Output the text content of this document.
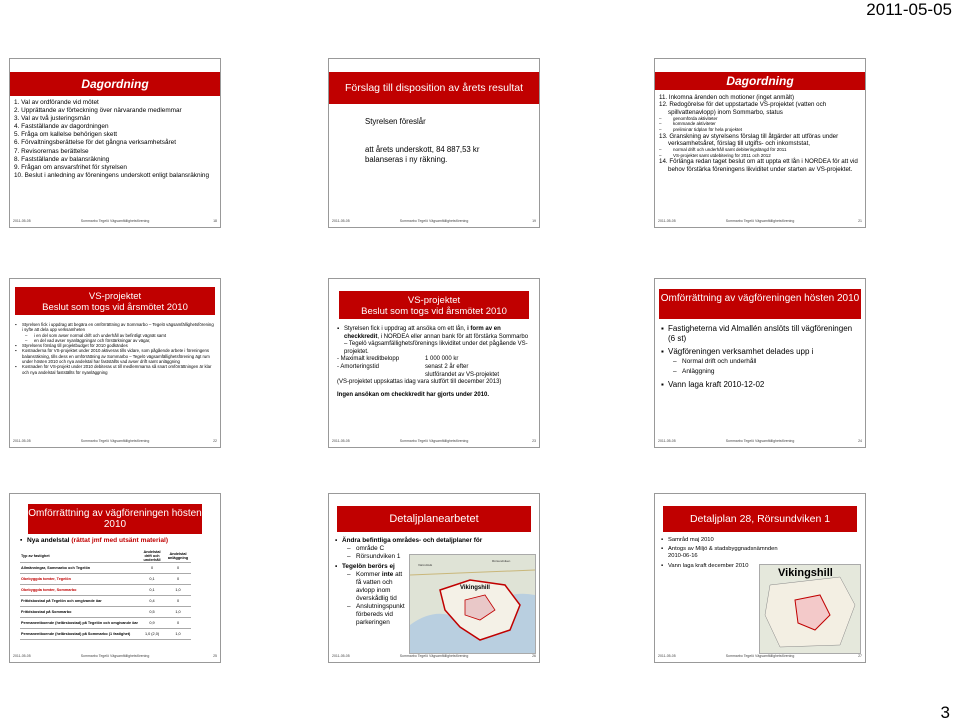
2011-05-05
Dagordning
1. Val av ordförande vid mötet
2. Upprättande av förteckning över närvarande medlemmar
3. Val av två justeringsmän
4. Fastställande av dagordningen
5. Fråga om kallelse behörigen skett
6. Förvaltningsberättelse för det gångna verksamhetsåret
7. Revisorernas berättelse
8. Fastställande av balansräkning
9. Frågan om ansvarsfrihet för styrelsen
10. Beslut i anledning av föreningens underskott enligt balansräkning
2011-05-05	Sommarbo Tegelö Vägsamfällighetsförening	18
Förslag till disposition av årets resultat
Styrelsen föreslår
att årets underskott, 84 887,53 kr balanseras i ny räkning.
2011-05-05	Sommarbo Tegelö Vägsamfällighetsförening	19
Dagordning
11. Inkomna ärenden och motioner (inget anmält)
12. Redogörelse för det uppstartade VS-projektet (vatten och spillvattenavlopp) inom Sommarbo, status
– genomförda aktiviteter
– kommande aktiviteter
– preliminär tidplan för hela projektet
13. Granskning av styrelsens förslag till åtgärder att utföras under verksamhetsåret, förslag till utgifts- och inkomststat,
– normal drift och underhåll samt debiteringslängd för 2011
– VS-projektet samt utdebitering för 2011 och 2012
14. Förlänga redan taget beslut om att uppta ett lån i NORDEA för att vid behov förstärka föreningens likviditet under starten av VS-projektet.
2011-05-05	Sommarbo Tegelö Vägsamfällighetsförening	21
VS-projektet
Beslut som togs vid årsmötet 2010
▪ Styrelsen fick i uppdrag att begära en omförrättning av Sommarbo – Tegelö vägsamfällighetsförening i syfte att dela upp verksamheten
– i en del som avser normal drift och underhåll av befintligt vägnät samt
– en del vad avser nyanläggningar och förstärkningar av vägar,
▪ Styrelsens förslag till projektbudget för 2010 godkändes
▪ Kostnaderna för VS-projektet under 2010 aktiveras tills vidare, som pågående arbete i föreningens balansräkning, tills dess en omförrättning av Sommarbo – Tegelö vägsamfällighetsförening ägt rum under hösten 2010 och nya andelstal har fastställts vad avser drift samt anläggning
▪ Kostnaden för VS-projekt under 2010 debiteras ut till medlemmarna så snart omförrättningen är klar och nya andelstal fastställts för nyanläggning
2011-05-05	Sommarbo Tegelö Vägsamfällighetsförening	22
VS-projektet
Beslut som togs vid årsmötet 2010
▪ Styrelsen fick i uppdrag att ansöka om ett lån, i form av en checkkredit, i NORDEA eller annan bank för att förstärka Sommarbo – Tegelö vägsamfällighetsförenings likviditet under det pågående VS-projektet.
- Maximalt kreditbelopp	1 000 000 kr
- Amorteringstid	senast 2 år efter slutförandet av VS-projektet
(VS-projektet uppskattas idag vara slutfört till december 2013)
Ingen ansökan om checkkredit har gjorts under 2010.
2011-05-05	Sommarbo Tegelö Vägsamfällighetsförening	23
Omförrättning av vägföreningen hösten 2010
▪ Fastigheterna vid Almallén anslöts till vägföreningen (6 st)
▪ Vägföreningen verksamhet delades upp i
– Normal drift och underhåll
– Anläggning
▪ Vann laga kraft 2010-12-02
2011-05-05	Sommarbo Tegelö Vägsamfällighetsförening	24
Omförrättning av vägföreningen hösten 2010
▪ Nya andelstal (rättat jmf med utsänt material)
Typ av fastighet	Andelstal drift och underhåll	Andelstal anläggning
Allmänningar, Sommarbo och Tegelön	0	0
Obebyggda tomter, Tegelön	0,1	0
Obebyggda tomter, Sommarbo	0,1	1,0
Fritidsbostad på Tegelön och omgivande öar	0,4	0
Fritidsbostad på Sommarbo	0,5	1,0
Permanentboende (helårsbostad) på Tegelön och omgivande öar	0,9	0
Permanentboende (helårsbostad) på Sommarbo (1 fastighet)	1,0 (2,0)	1,0
2011-05-05	Sommarbo Tegelö Vägsamfällighetsförening	25
Detaljplanearbetet
▪ Ändra befintliga områdes- och detaljplaner för
– område C
– Rörsundviken 1
▪ Tegelön berörs ej
– Kommer inte att få vatten och avlopp inom överskådlig tid
– Anslutningspunkt förbereds vid parkeringen
Vikingshill
Värmdövik
Rörsundviken
2011-05-05	Sommarbo Tegelö Vägsamfällighetsförening	26
Detaljplan 28, Rörsundviken 1
▪ Samråd maj 2010
▪ Antogs av Miljö & stadsbyggnadsnämnden 2010-06-16
▪ Vann laga kraft december 2010
Vikingshill
2011-05-05	Sommarbo Tegelö Vägsamfällighetsförening	27
3
